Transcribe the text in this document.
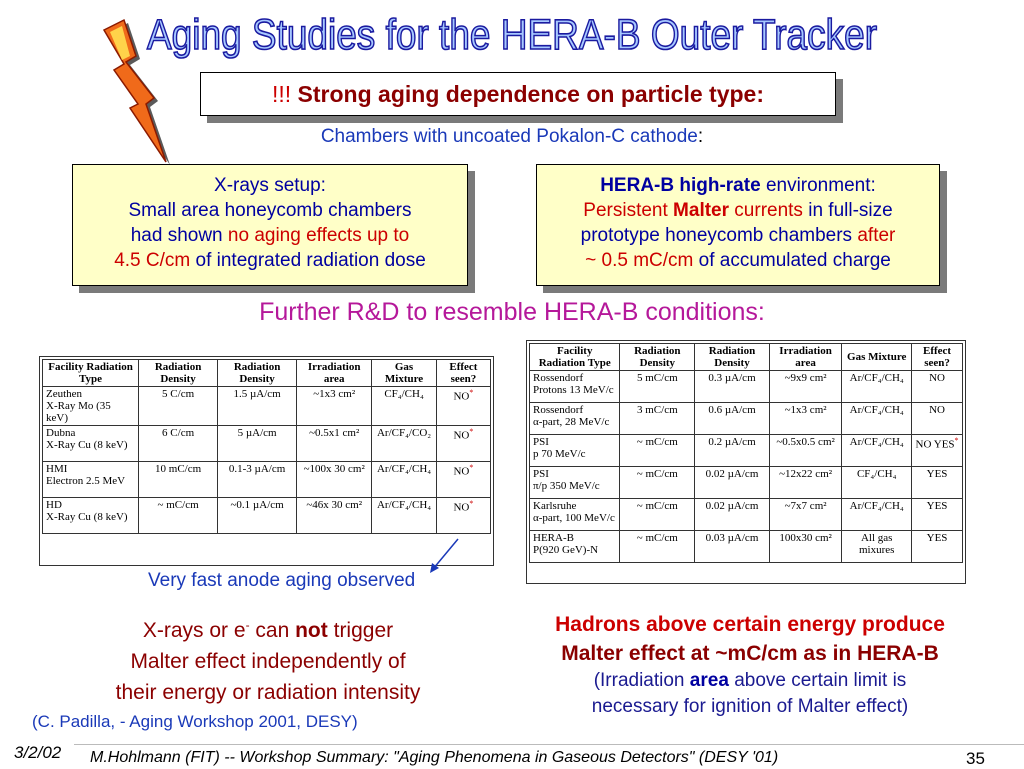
Aging Studies for the HERA-B Outer Tracker
!!!
Strong aging dependence on particle type:
Chambers with uncoated Pokalon-C cathode:
X-rays setup:
Small area honeycomb chambers
had shown no aging effects up to
4.5 C/cm of integrated radiation dose
HERA-B high-rate environment:
Persistent Malter currents in full-size
prototype honeycomb chambers after
~ 0.5 mC/cm of accumulated charge
Further R&D to resemble HERA-B conditions:
Facility Radiation Type	Radiation Density	Radiation Density	Irradiation area	Gas Mixture	Effect seen?

Zeuthen
X-Ray Mo (35 keV)	5 C/cm	1.5 µA/cm	~1x3 cm²	CF₄/CH₄	NO*

Dubna
X-Ray Cu (8 keV)	6 C/cm	5 µA/cm	~0.5x1 cm²	Ar/CF₄/CO₂	NO*

HMI
Electron 2.5 MeV	10 mC/cm	0.1-3 µA/cm	~100x 30 cm²	Ar/CF₄/CH₄	NO*

HD
X-Ray Cu (8 keV)	~ mC/cm	~0.1 µA/cm	~46x 30 cm²	Ar/CF₄/CH₄	NO*
Facility Radiation Type	Radiation Density	Radiation Density	Irradiation area	Gas Mixture	Effect seen?

Rossendorf
Protons 13 MeV/c	5 mC/cm	0.3 µA/cm	~9x9 cm²	Ar/CF₄/CH₄	NO

Rossendorf
α-part, 28 MeV/c	3 mC/cm	0.6 µA/cm	~1x3 cm²	Ar/CF₄/CH₄	NO

PSI
p 70 MeV/c	~ mC/cm	0.2 µA/cm	~0.5x0.5 cm²	Ar/CF₄/CH₄	NO YES*

PSI
π/p 350 MeV/c	~ mC/cm	0.02 µA/cm	~12x22 cm²	CF₄/CH₄	YES

Karlsruhe
α-part, 100 MeV/c	~ mC/cm	0.02 µA/cm	~7x7 cm²	Ar/CF₄/CH₄	YES

HERA-B
P(920 GeV)-N	~ mC/cm	0.03 µA/cm	100x30 cm²	All gas mixures	YES
Very fast anode aging observed
X-rays or e- can not trigger
Malter effect independently of
their energy or radiation intensity
(C. Padilla, - Aging Workshop 2001, DESY)
Hadrons above certain energy produce
Malter effect at ~mC/cm as in HERA-B
(Irradiation area above certain limit is
necessary for ignition of Malter effect)
3/2/02 M.Hohlmann (FIT) -- Workshop Summary: "Aging Phenomena in Gaseous Detectors" (DESY '01)	35
